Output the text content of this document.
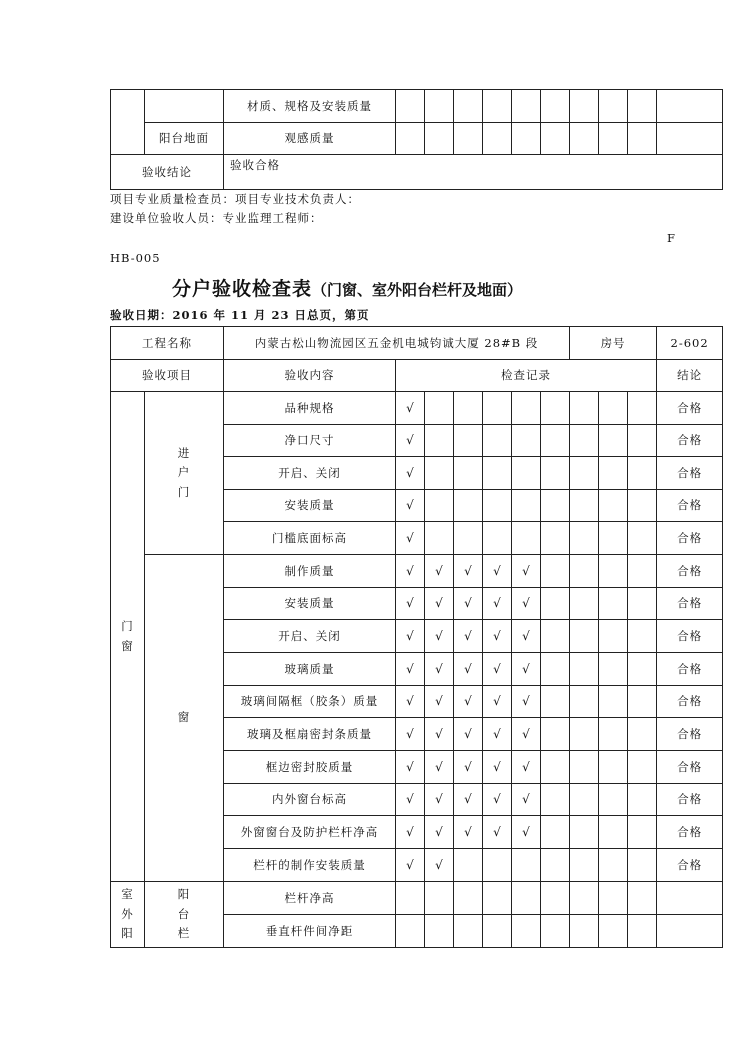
		材质、规格及安装质量										
	阳台地面	观感质量										
验收结论		验收合格										
项目专业质量检查员：项目专业技术负责人：
建设单位验收人员：专业监理工程师：
F
HB-005
分户验收检查表（门窗、室外阳台栏杆及地面）
验收日期：2016 年 11 月 23 日总页，第页
工程名称		内蒙古松山物流园区五金机电城钧诚大厦 28#B 段							房号			2-602
验收项目		验收内容	检查记录									结论

门窗	进户门	品种规格	√									合格
		净口尺寸	√									合格
		开启、关闭	√									合格
		安装质量	√									合格
		门槛底面标高	√									合格

	窗	制作质量	√	√	√	√	√					合格
		安装质量	√	√	√	√	√					合格
		开启、关闭	√	√	√	√	√					合格
		玻璃质量	√	√	√	√	√					合格
		玻璃间隔框（胶条）质量	√	√	√	√	√					合格
		玻璃及框扇密封条质量	√	√	√	√	√					合格
		框边密封胶质量	√	√	√	√	√					合格
		内外窗台标高	√	√	√	√	√					合格
		外窗窗台及防护栏杆净高	√	√	√	√	√					合格
		栏杆的制作安装质量	√	√								合格

室外阳	阳台栏	栏杆净高										
		垂直杆件间净距										
